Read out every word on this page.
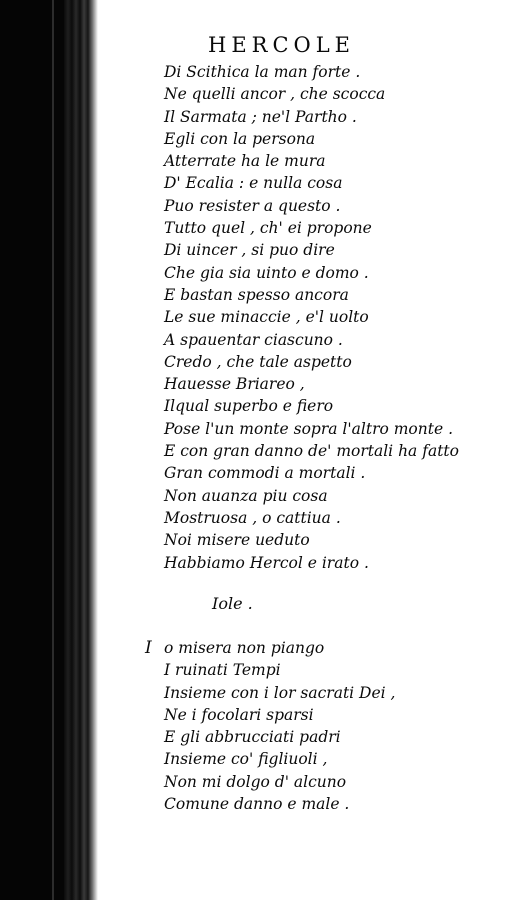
HERCOLE
Di Scithica la man forte .
Ne quelli ancor , che scocca
Il Sarmata ; ne'l Partho .
Egli con la persona
Atterrate ha le mura
D' Ecalia : e nulla cosa
Puo resister a questo .
Tutto quel , ch' ei propone
Di uincer , si puo dire
Che gia sia uinto e domo .
E bastan spesso ancora
Le sue minaccie , e'l uolto
A spauentar ciascuno .
Credo , che tale aspetto
Hauesse Briareo ,
Ilqual superbo e fiero
Pose l'un monte sopra l'altro monte .
E con gran danno de' mortali ha fatto
Gran commodi a mortali .
Non auanza piu cosa
Mostruosa , o cattiua .
Noi misere ueduto
Habbiamo Hercol e irato .
Iole .
I o misera non piango
I ruinati Tempi
Insieme con i lor sacrati Dei ,
Ne i focolari sparsi
E gli abbrucciati padri
Insieme co' figliuoli ,
Non mi dolgo d' alcuno
Comune danno e male .
